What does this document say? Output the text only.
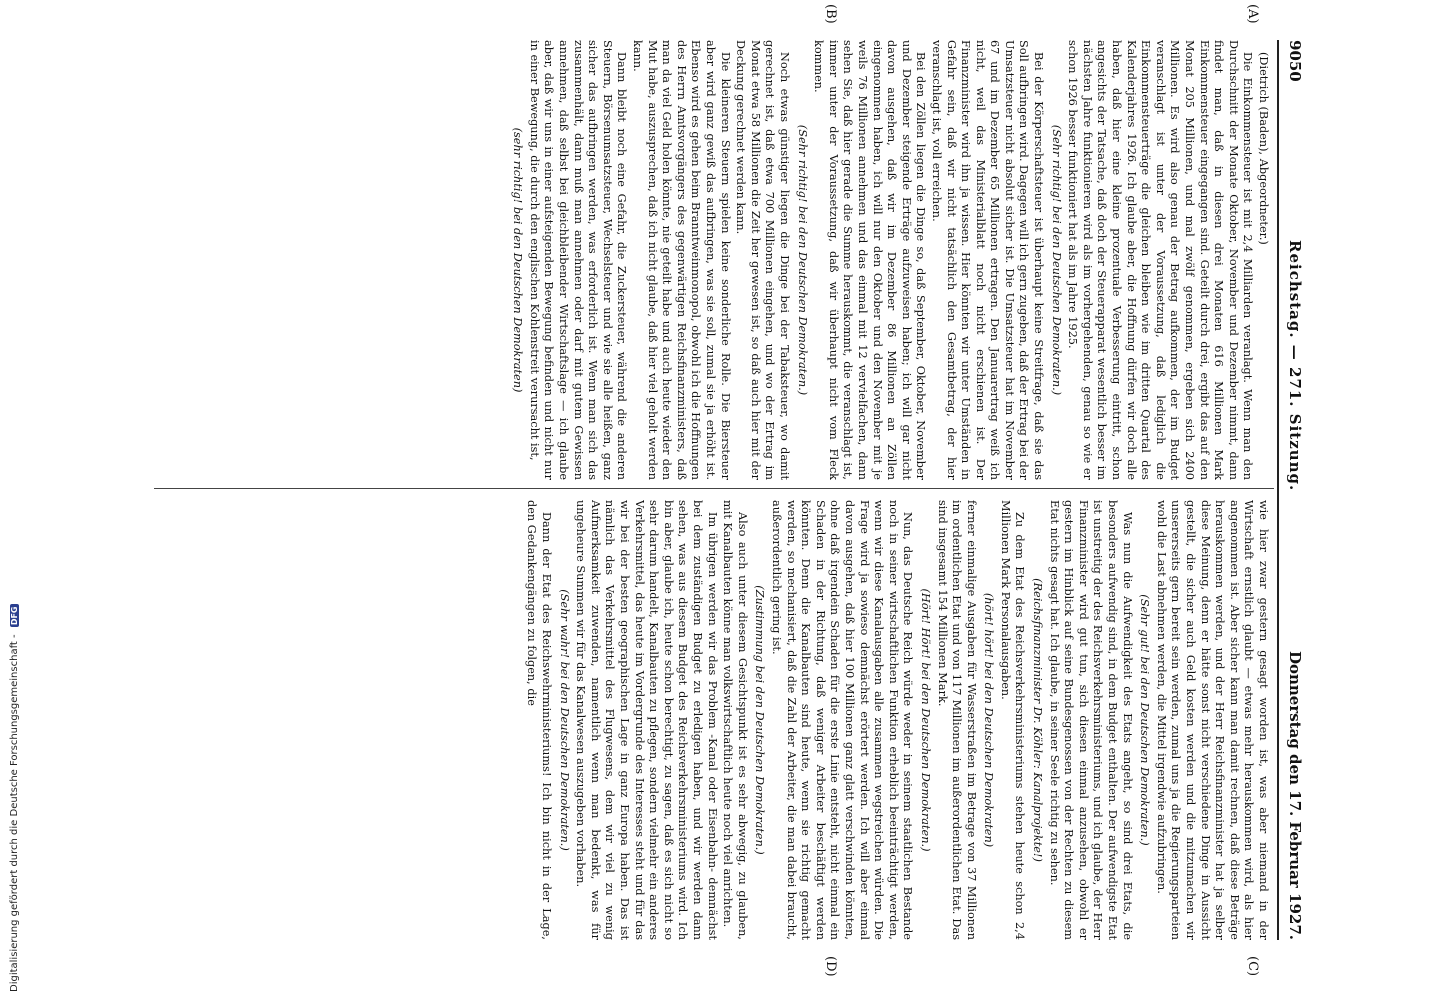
9050
Reichstag. — 271. Sitzung.
Donnerstag den 17. Februar 1927.
(A)
(B)
(C)
(D)

(Dietrich (Baden), Abgeordneter.)

Die Einkommensteuer ist mit 2,4 Milliarden veranlagt. Wenn man den Durchschnitt der Monate Oktober, November und Dezember nimmt, dann findet man, daß in diesen drei Monaten 616 Millionen Mark Einkommensteuer eingegangen sind. Geteilt durch drei, ergibt das auf den Monat 205 Millionen, und mal zwölf genommen, ergeben sich 2400 Millionen. Es wird also genau der Betrag aufkommen, der im Budget veranschlagt ist unter der Voraussetzung, daß lediglich die Einkommensteuerträge die gleichen bleiben wie im dritten Quartal des Kalenderjahres 1926. Ich glaube aber, die Hoffnung dürfen wir doch alle haben, daß hier eine kleine prozentuale Verbesserung eintritt, schon angesichts der Tatsache, daß doch der Steuerapparat wesentlich besser im nächsten Jahre funktionieren wird als im vorhergehenden, genau so wie er schon 1926 besser funktioniert hat als im Jahre 1925.

(Sehr richtig! bei den Deutschen Demokraten.)

Bei der Körperschaftsteuer ist überhaupt keine Streitfrage, daß sie das Soll aufbringen wird. Dagegen will ich gern zugeben, daß der Ertrag bei der Umsatzsteuer nicht absolut sicher ist. Die Umsatzsteuer hat im November 67 und im Dezember 65 Millionen ertragen. Den Januarertrag weiß ich nicht, weil das Ministerialblatt noch nicht erschienen ist. Der Finanzminister wird ihn ja wissen. Hier könnten wir unter Umständen in Gefahr sein, daß wir nicht tatsächlich den Gesamtbetrag, der hier veranschlagt ist, voll erreichen.

Bei den Zöllen liegen die Dinge so, daß September, Oktober, November und Dezember steigende Erträge aufzuweisen haben; ich will gar nicht davon ausgehen, daß wir im Dezember 86 Millionen an Zöllen eingenommen haben, ich will nur den Oktober und den November mit je weils 76 Millionen annehmen und das einmal mit 12 vervielfachen, dann sehen Sie, daß hier gerade die Summe herauskommt, die veranschlagt ist, immer unter der Voraussetzung, daß wir überhaupt nicht vom Fleck kommen.

(Sehr richtig! bei den Deutschen Demokraten.)

Noch etwas günstiger liegen die Dinge bei der Tabaksteuer, wo damit gerechnet ist, daß etwa 700 Millionen eingehen, und wo der Ertrag im Monat etwa 58 Millionen die Zeit her gewesen ist, so daß auch hier mit der Deckung gerechnet werden kann.

Die kleineren Steuern spielen keine sonderliche Rolle. Die Biersteuer aber wird ganz gewiß das aufbringen, was sie soll, zumal sie ja erhöht ist. Ebenso wird es gehen beim Branntweinmonopol, obwohl ich die Hoffnungen des Herrn Amtsvorgängers des gegenwärtigen Reichsfinanzministers, daß man da viel Geld holen könnte, nie geteilt habe und auch heute wieder den Mut habe, auszusprechen, daß ich nicht glaube, daß hier viel geholt werden kann.

Dann bleibt noch eine Gefahr, die Zuckersteuer, während die anderen Steuern, Börsenumsatzsteuer, Wechselsteuer und wie sie alle heißen, ganz sicher das aufbringen werden, was erforderlich ist. Wenn man sich das zusammenhält, dann muß man annehmen oder darf mit gutem Gewissen annehmen, daß selbst bei gleichbleibender Wirtschaftslage — ich glaube aber, daß wir uns in einer aufsteigenden Bewegung befinden und nicht nur in einer Bewegung, die durch den englischen Kohlenstreit verursacht ist,

(sehr richtig! bei den Deutschen Demokraten)

wie hier zwar gestern gesagt worden ist, was aber niemand in der Wirtschaft ernstlich glaubt — etwas mehr herauskommen wird, als hier angenommen ist. Aber sicher kann man damit rechnen, daß diese Beträge herauskommen werden, und der Herr Reichsfinanzminister hat ja selber diese Meinung, denn er hätte sonst nicht verschiedene Dinge in Aussicht gestellt, die sicher auch Geld kosten werden und die mitzumachen wir unsererseits gern bereit sein werden, zumal uns ja die Regierungsparteien wohl die Last abnehmen werden, die Mittel irgendwie aufzubringen.

(Sehr gut! bei den Deutschen Demokraten.)

Was nun die Aufwendigkeit des Etats angeht, so sind drei Etats, die besonders aufwendig sind, in dem Budget enthalten. Der aufwendigste Etat ist unstreitig der des Reichsverkehrsministeriums, und ich glaube, der Herr Finanzminister wird gut tun, sich diesen einmal anzusehen, obwohl er gestern im Hinblick auf seine Bundesgenossen von der Rechten zu diesem Etat nichts gesagt hat. Ich glaube, in seiner Seele richtig zu sehen.

(Reichsfinanzminister Dr. Köhler: Kanalprojekte!)

Zu dem Etat des Reichsverkehrsministeriums stehen heute schon 2,4 Millionen Mark Personalausgaben.

(hört! hört! bei den Deutschen Demokraten)

ferner einmalige Ausgaben für Wasserstraßen im Betrage von 37 Millionen im ordentlichen Etat und von 117 Millionen im außerordentlichen Etat. Das sind insgesamt 154 Millionen Mark.

(Hört! Hört! bei den Deutschen Demokraten.)

Nun, das Deutsche Reich würde weder in seinem staatlichen Bestande noch in seiner wirtschaftlichen Funktion erheblich beeinträchtigt werden, wenn wir diese Kanalausgaben alle zusammen wegstreichen würden. Die Frage wird ja sowieso demnächst erörtert werden. Ich will aber einmal davon ausgehen, daß hier 100 Millionen ganz glatt verschwinden könnten, ohne daß irgendein Schaden für die erste Linie entsteht, nicht einmal ein Schaden in der Richtung, daß weniger Arbeiter beschäftigt werden könnten. Denn die Kanalbauten sind heute, wenn sie richtig gemacht werden, so mechanisiert, daß die Zahl der Arbeiter, die man dabei braucht, außerordentlich gering ist.

(Zustimmung bei den Deutschen Demokraten.)

Also auch unter diesem Gesichtspunkt ist es sehr abwegig, zu glauben, mit Kanalbauten könne man volkswirtschaftlich heute noch viel anrichten.

Im übrigen werden wir das Problem -Kanal oder Eisenbahn- demnächst bei dem zuständigen Budget zu erledigen haben, und wir werden dann sehen, was aus diesem Budget des Reichsverkehrsministeriums wird. Ich bin aber, glaube ich, heute schon berechtigt, zu sagen, daß es sich nicht so sehr darum handelt, Kanalbauten zu pflegen, sondern vielmehr ein anderes Verkehrsmittel, das heute im Vordergrunde des Interesses steht und für das wir bei der besten geographischen Lage in ganz Europa haben. Das ist nämlich das Verkehrsmittel des Flugwesens, dem wir viel zu wenig Aufmerksamkeit zuwenden, namentlich wenn man bedenkt, was für ungeheure Summen wir für das Kanalwesen auszugeben vorhaben.

(Sehr wahr! bei den Deutschen Demokraten.)

Dann der Etat des Reichswehrministeriums! Ich bin nicht in der Lage, den Gedankengängen zu folgen, die

Digitalisierung gefördert durch die Deutsche Forschungsgemeinschaft - DFG
